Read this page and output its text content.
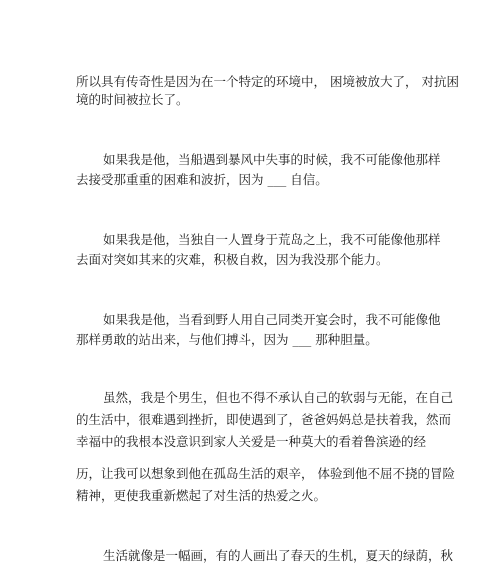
所以具有传奇性是因为在一个特定的环境中， 困境被放大了， 对抗困
境的时间被拉长了。
如果我是他，当船遇到暴风中失事的时候，我不可能像他那样
去接受那重重的困难和波折，因为 ___ 自信。
如果我是他，当独自一人置身于荒岛之上，我不可能像他那样
去面对突如其来的灾难，积极自救，因为我没那个能力。
如果我是他，当看到野人用自己同类开宴会时，我不可能像他
那样勇敢的站出来，与他们搏斗，因为 ___ 那种胆量。
虽然，我是个男生，但也不得不承认自己的软弱与无能，在自己
的生活中，很难遇到挫折，即使遇到了，爸爸妈妈总是扶着我，然而
幸福中的我根本没意识到家人关爱是一种莫大的看着鲁滨逊的经
历，让我可以想象到他在孤岛生活的艰辛， 体验到他不屈不挠的冒险
精神，更使我重新燃起了对生活的热爱之火。
生活就像是一幅画，有的人画出了春天的生机，夏天的绿荫，秋
